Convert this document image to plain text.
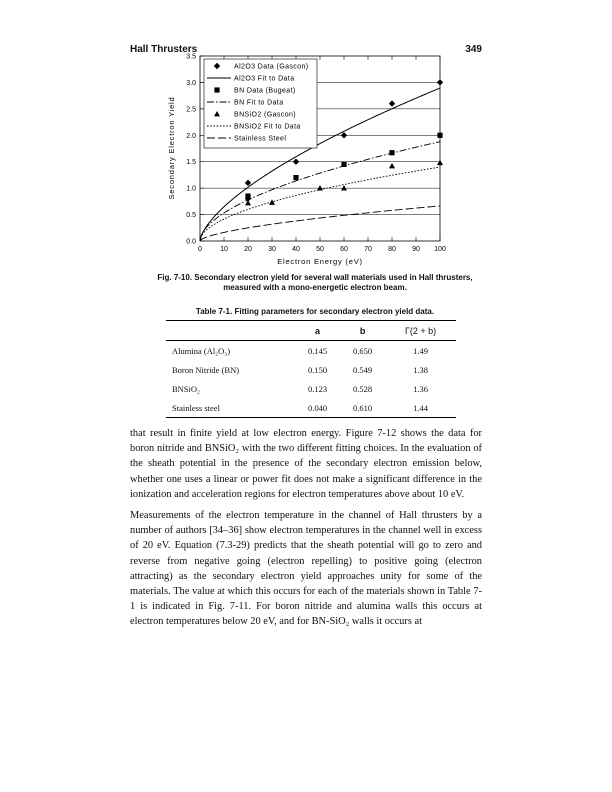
Hall Thrusters	349
0.0
0.5
1.0
1.5
2.0
2.5
3.0
3.5
0	10 20 30 40 50 60 70 80 90 100
Electron Energy (eV)
Secondary Electron Yield
Al2O3 Data (Gascon)
Al2O3 Fit to Data
BN Data (Bugeat)
BN Fit to Data
BNSiO2 (Gascon)
BNSiO2 Fit to Data
Stainless Steel
Fig. 7-10. Secondary electron yield for several wall materials used in Hall thrusters, measured with a mono-energetic electron beam.
Table 7-1. Fitting parameters for secondary electron yield data.
	a	b	Γ(2 + b)
Alumina (Al₂O₃)	0.145	0.650	1.49
Boron Nitride (BN)	0.150	0.549	1.38
BNSiO₂	0.123	0.528	1.36
Stainless steel	0.040	0.610	1.44

that result in finite yield at low electron energy. Figure 7-12 shows the data for boron nitride and BNSiO₂ with the two different fitting choices. In the evaluation of the sheath potential in the presence of the secondary electron emission below, whether one uses a linear or power fit does not make a significant difference in the ionization and acceleration regions for electron temperatures above about 10 eV.

Measurements of the electron temperature in the channel of Hall thrusters by a number of authors [34–36] show electron temperatures in the channel well in excess of 20 eV. Equation (7.3-29) predicts that the sheath potential will go to zero and reverse from negative going (electron repelling) to positive going (electron attracting) as the secondary electron yield approaches unity for some of the materials. The value at which this occurs for each of the materials shown in Table 7-1 is indicated in Fig. 7-11. For boron nitride and alumina walls this occurs at electron temperatures below 20 eV, and for BN-SiO₂ walls it occurs at
